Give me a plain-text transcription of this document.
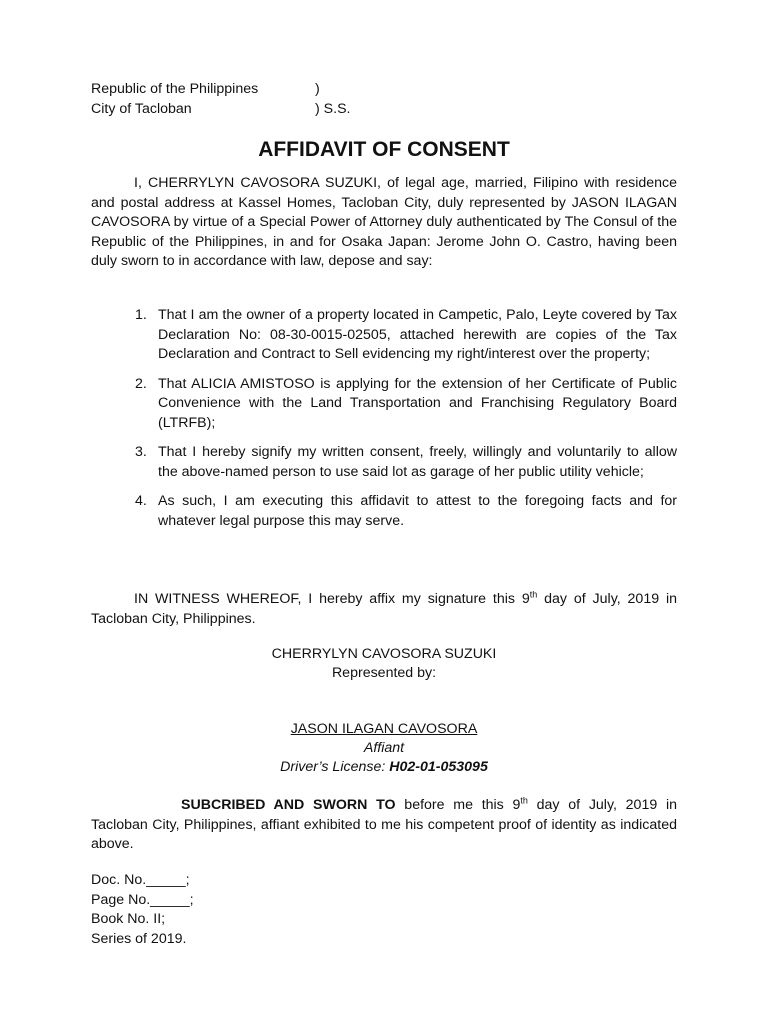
Republic of the Philippines	)
City of Tacloban	) S.S.
AFFIDAVIT OF CONSENT
I, CHERRYLYN CAVOSORA SUZUKI, of legal age, married, Filipino with residence and postal address at Kassel Homes, Tacloban City, duly represented by JASON ILAGAN CAVOSORA by virtue of a Special Power of Attorney duly authenticated by The Consul of the Republic of the Philippines, in and for Osaka Japan: Jerome John O. Castro, having been duly sworn to in accordance with law, depose and say:
1. That I am the owner of a property located in Campetic, Palo, Leyte covered by Tax Declaration No: 08-30-0015-02505, attached herewith are copies of the Tax Declaration and Contract to Sell evidencing my right/interest over the property;
2. That ALICIA AMISTOSO is applying for the extension of her Certificate of Public Convenience with the Land Transportation and Franchising Regulatory Board (LTRFB);
3. That I hereby signify my written consent, freely, willingly and voluntarily to allow the above-named person to use said lot as garage of her public utility vehicle;
4. As such, I am executing this affidavit to attest to the foregoing facts and for whatever legal purpose this may serve.
IN WITNESS WHEREOF, I hereby affix my signature this 9th day of July, 2019 in Tacloban City, Philippines.
CHERRYLYN CAVOSORA SUZUKI
Represented by:
JASON ILAGAN CAVOSORA
Affiant
Driver’s License: H02-01-053095
SUBCRIBED AND SWORN TO before me this 9th day of July, 2019 in Tacloban City, Philippines, affiant exhibited to me his competent proof of identity as indicated above.
Doc. No._____;
Page No._____;
Book No. II;
Series of 2019.
